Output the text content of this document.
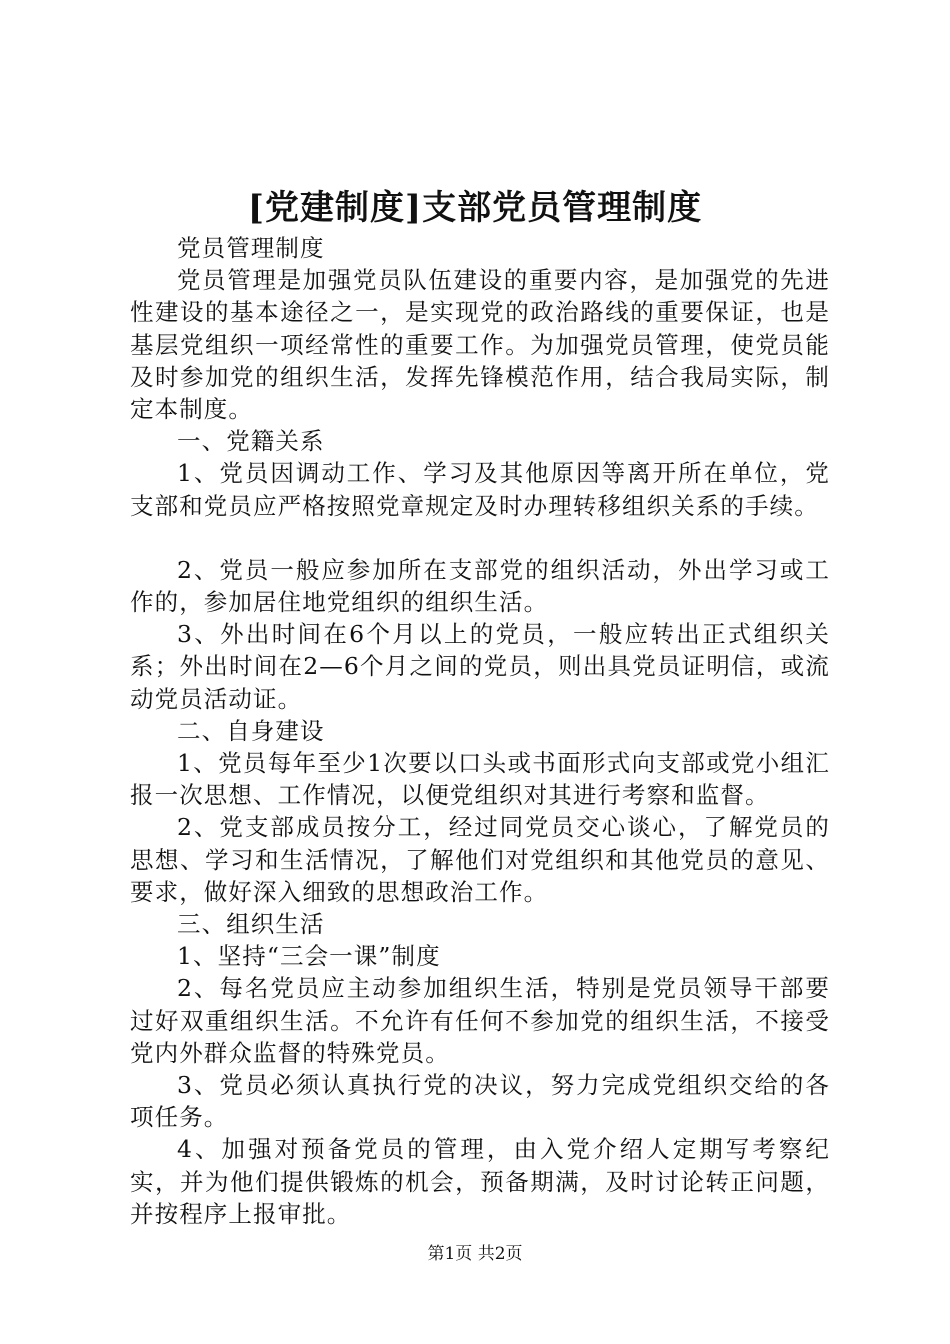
[党建制度]支部党员管理制度

党员管理制度

党员管理是加强党员队伍建设的重要内容，是加强党的先进性建设的基本途径之一，是实现党的政治路线的重要保证，也是基层党组织一项经常性的重要工作。为加强党员管理，使党员能及时参加党的组织生活，发挥先锋模范作用，结合我局实际，制定本制度。

一、党籍关系

1、党员因调动工作、学习及其他原因等离开所在单位，党支部和党员应严格按照党章规定及时办理转移组织关系的手续。

2、党员一般应参加所在支部党的组织活动，外出学习或工作的，参加居住地党组织的组织生活。

3、外出时间在6个月以上的党员，一般应转出正式组织关系；外出时间在2—6个月之间的党员，则出具党员证明信，或流动党员活动证。

二、自身建设

1、党员每年至少1次要以口头或书面形式向支部或党小组汇报一次思想、工作情况，以便党组织对其进行考察和监督。

2、党支部成员按分工，经过同党员交心谈心，了解党员的思想、学习和生活情况，了解他们对党组织和其他党员的意见、要求，做好深入细致的思想政治工作。

三、组织生活

1、坚持“三会一课”制度

2、每名党员应主动参加组织生活，特别是党员领导干部要过好双重组织生活。不允许有任何不参加党的组织生活，不接受党内外群众监督的特殊党员。

3、党员必须认真执行党的决议，努力完成党组织交给的各项任务。

4、加强对预备党员的管理，由入党介绍人定期写考察纪实，并为他们提供锻炼的机会，预备期满，及时讨论转正问题，并按程序上报审批。

第1页 共2页
